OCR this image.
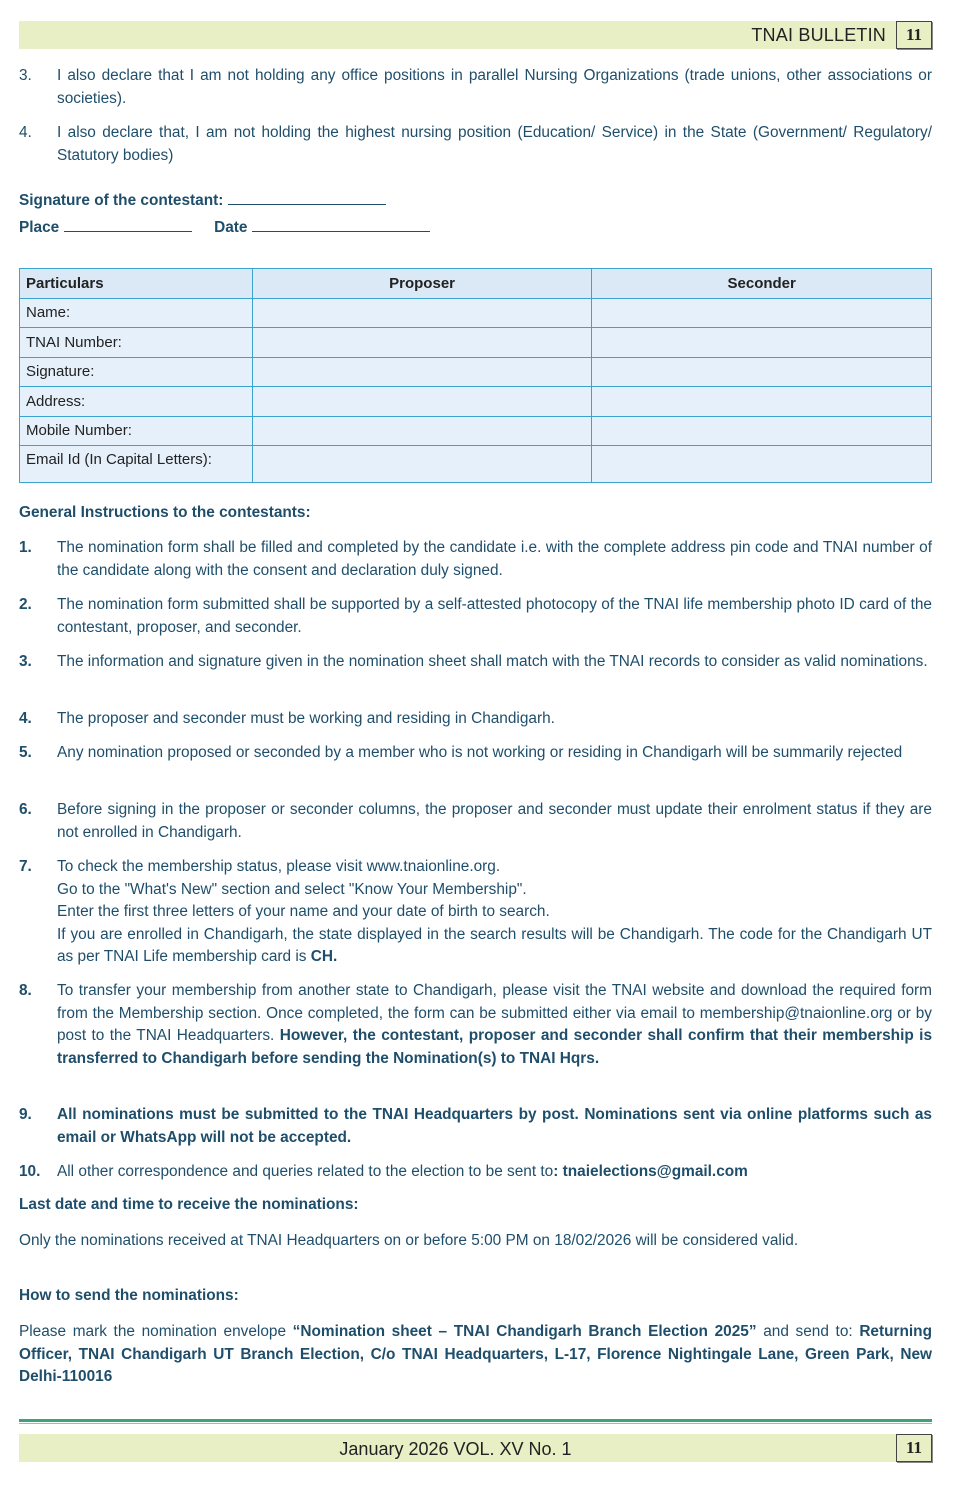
TNAI BULLETIN	11
3.	I also declare that I am not holding any office positions in parallel Nursing Organizations (trade unions, other associations or societies).
4.	I also declare that, I am not holding the highest nursing position (Education/ Service) in the State (Government/ Regulatory/ Statutory bodies)
Signature of the contestant:
Place	Date
Particulars	Proposer	Seconder
Name:		
TNAI Number:		
Signature:		
Address:		
Mobile Number:		
Email Id (In Capital Letters):		
General Instructions to the contestants:
1.	The nomination form shall be filled and completed by the candidate i.e. with the complete address pin code and TNAI number of the candidate along with the consent and declaration duly signed.
2.	The nomination form submitted shall be supported by a self-attested photocopy of the TNAI life membership photo ID card of the contestant, proposer, and seconder.
3.	The information and signature given in the nomination sheet shall match with the TNAI records to consider as valid nominations.
4.	The proposer and seconder must be working and residing in Chandigarh.
5.	Any nomination proposed or seconded by a member who is not working or residing in Chandigarh will be summarily rejected
6.	Before signing in the proposer or seconder columns, the proposer and seconder must update their enrolment status if they are not enrolled in Chandigarh.
7.	To check the membership status, please visit www.tnaionline.org.
Go to the "What's New" section and select "Know Your Membership".
Enter the first three letters of your name and your date of birth to search.
If you are enrolled in Chandigarh, the state displayed in the search results will be Chandigarh. The code for the Chandigarh UT as per TNAI Life membership card is CH.
8.	To transfer your membership from another state to Chandigarh, please visit the TNAI website and download the required form from the Membership section. Once completed, the form can be submitted either via email to membership@tnaionline.org or by post to the TNAI Headquarters. However, the contestant, proposer and seconder shall confirm that their membership is transferred to Chandigarh before sending the Nomination(s) to TNAI Hqrs.
9.	All nominations must be submitted to the TNAI Headquarters by post. Nominations sent via online platforms such as email or WhatsApp will not be accepted.
10.	All other correspondence and queries related to the election to be sent to: tnaielections@gmail.com
Last date and time to receive the nominations:
Only the nominations received at TNAI Headquarters on or before 5:00 PM on 18/02/2026 will be considered valid.
How to send the nominations:
Please mark the nomination envelope “Nomination sheet – TNAI Chandigarh Branch Election 2025” and send to: Returning Officer, TNAI Chandigarh UT Branch Election, C/o TNAI Headquarters, L-17, Florence Nightingale Lane, Green Park, New Delhi-110016
January 2026 VOL. XV No. 1	11
